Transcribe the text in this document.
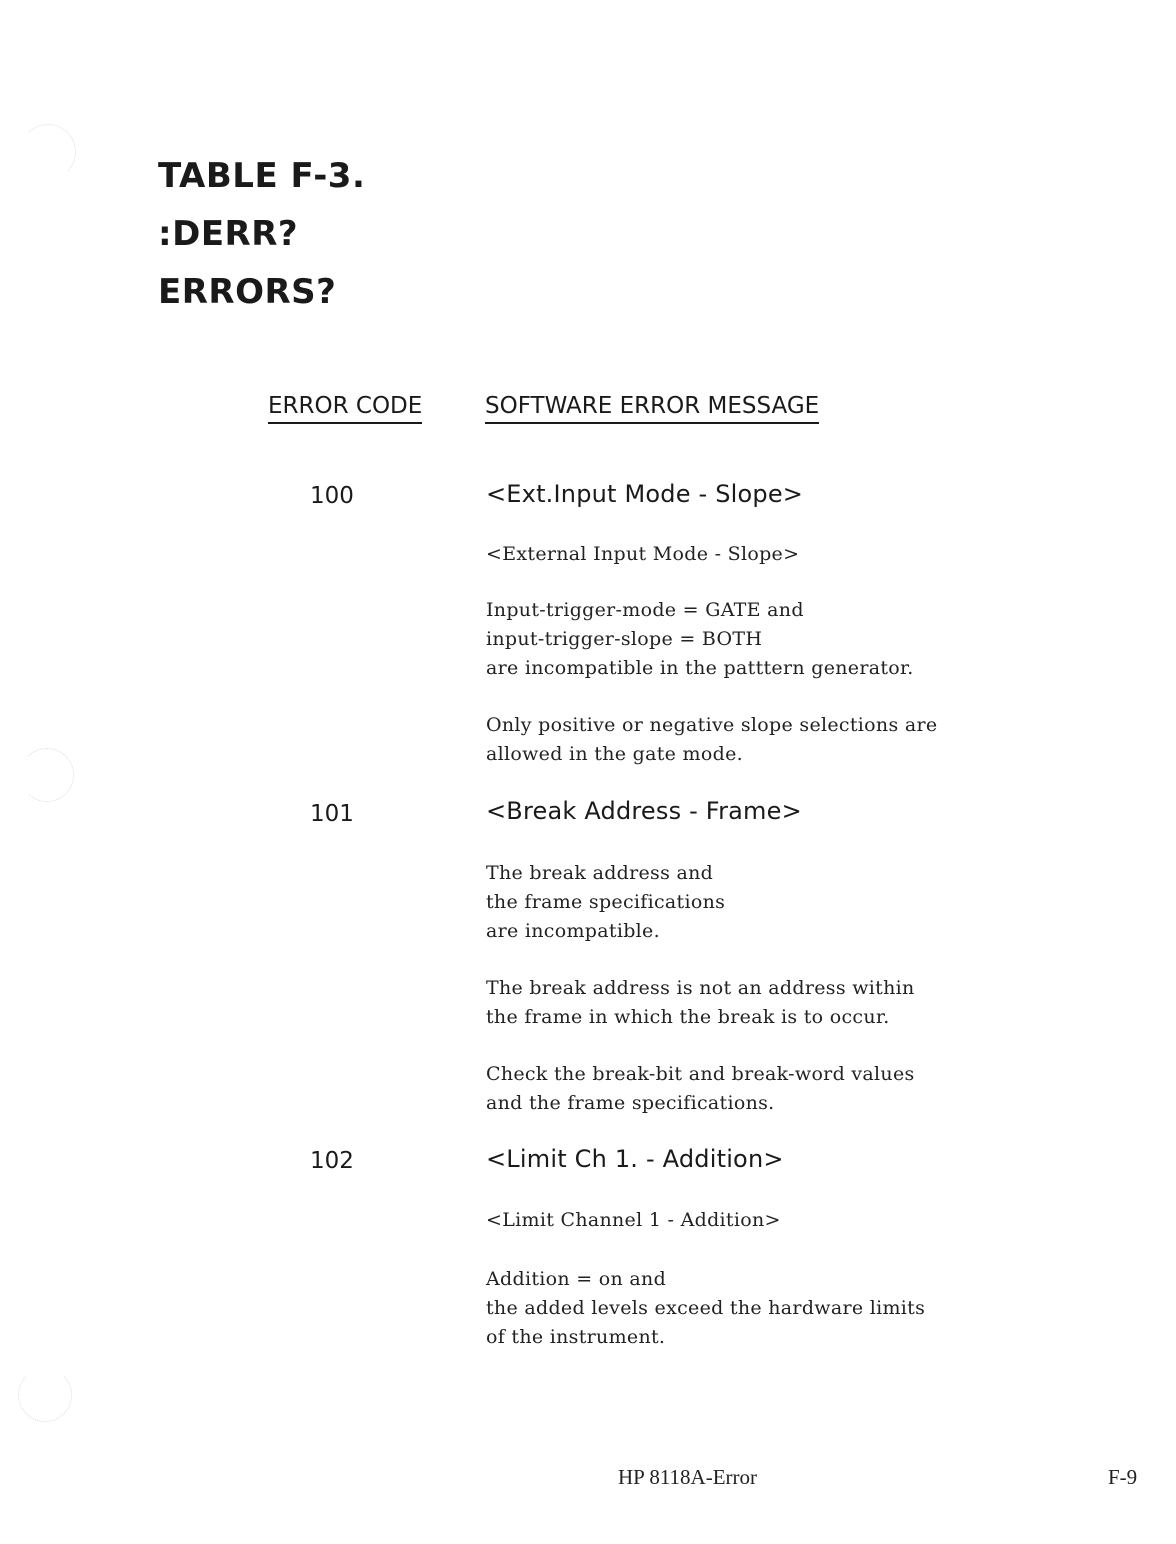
TABLE F-3.
:DERR?
ERRORS?
ERROR CODE	SOFTWARE ERROR MESSAGE
100	<Ext.Input Mode - Slope>

<External Input Mode - Slope>

Input-trigger-mode = GATE and
input-trigger-slope = BOTH
are incompatible in the patttern generator.

Only positive or negative slope selections are
allowed in the gate mode.

101	<Break Address - Frame>

The break address and
the frame specifications
are incompatible.

The break address is not an address within
the frame in which the break is to occur.

Check the break-bit and break-word values
and the frame specifications.

102	<Limit Ch 1. - Addition>

<Limit Channel 1 - Addition>

Addition = on and
the added levels exceed the hardware limits
of the instrument.

HP 8118A-Error	F-9
